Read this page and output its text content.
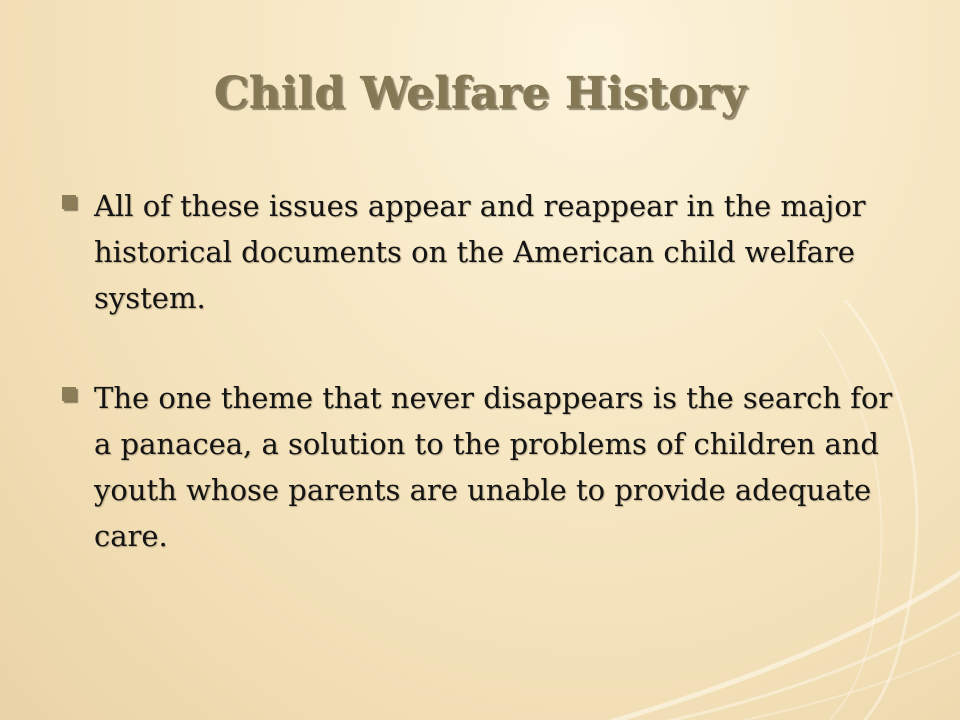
Child Welfare History
All of these issues appear and reappear in the major historical documents on the American child welfare system.
The one theme that never disappears is the search for a panacea, a solution to the problems of children and youth whose parents are unable to provide adequate care.
